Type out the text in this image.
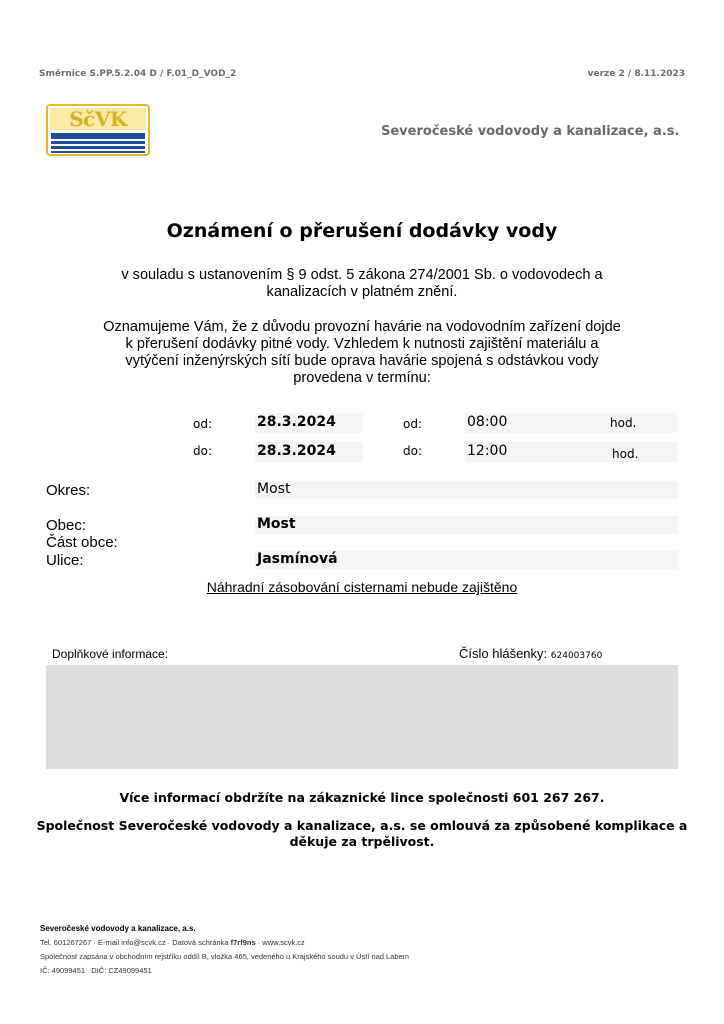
Směrnice S.PP.5.2.04 D / F.01_D_VOD_2	verze 2 / 8.11.2023
SčVK
Severočeské vodovody a kanalizace, a.s.
Oznámení o přerušení dodávky vody
v souladu s ustanovením § 9 odst. 5 zákona 274/2001 Sb. o vodovodech a
kanalizacích v platném znění.
Oznamujeme Vám, že z důvodu provozní havárie na vodovodním zařízení dojde
k přerušení dodávky pitné vody. Vzhledem k nutnosti zajištění materiálu a
vytýčení inženýrských sítí bude oprava havárie spojená s odstávkou vody
provedena v termínu:
od:	28.3.2024	od:	08:00	hod.
do:	28.3.2024	do:	12:00	hod.
Okres:	Most
Obec:	Most
Část obce:
Ulice:	Jasmínová
Náhradní zásobování cisternami nebude zajištěno
Doplňkové informace:	Číslo hlášenky: 624003760
Více informací obdržíte na zákaznické lince společnosti 601 267 267.
Společnost Severočeské vodovody a kanalizace, a.s. se omlouvá za způsobené komplikace a
děkuje za trpělivost.
Severočeské vodovody a kanalizace, a.s.
Tel. 601267267 · E-mail info@scvk.cz · Datová schránka f7rf9ns · www.scvk.cz
Společnost zapsána v obchodním rejstříku oddíl B, vložka 465, vedeného u Krajského soudu v Ústí nad Labem
IČ: 49099451   DIČ: CZ49099451
